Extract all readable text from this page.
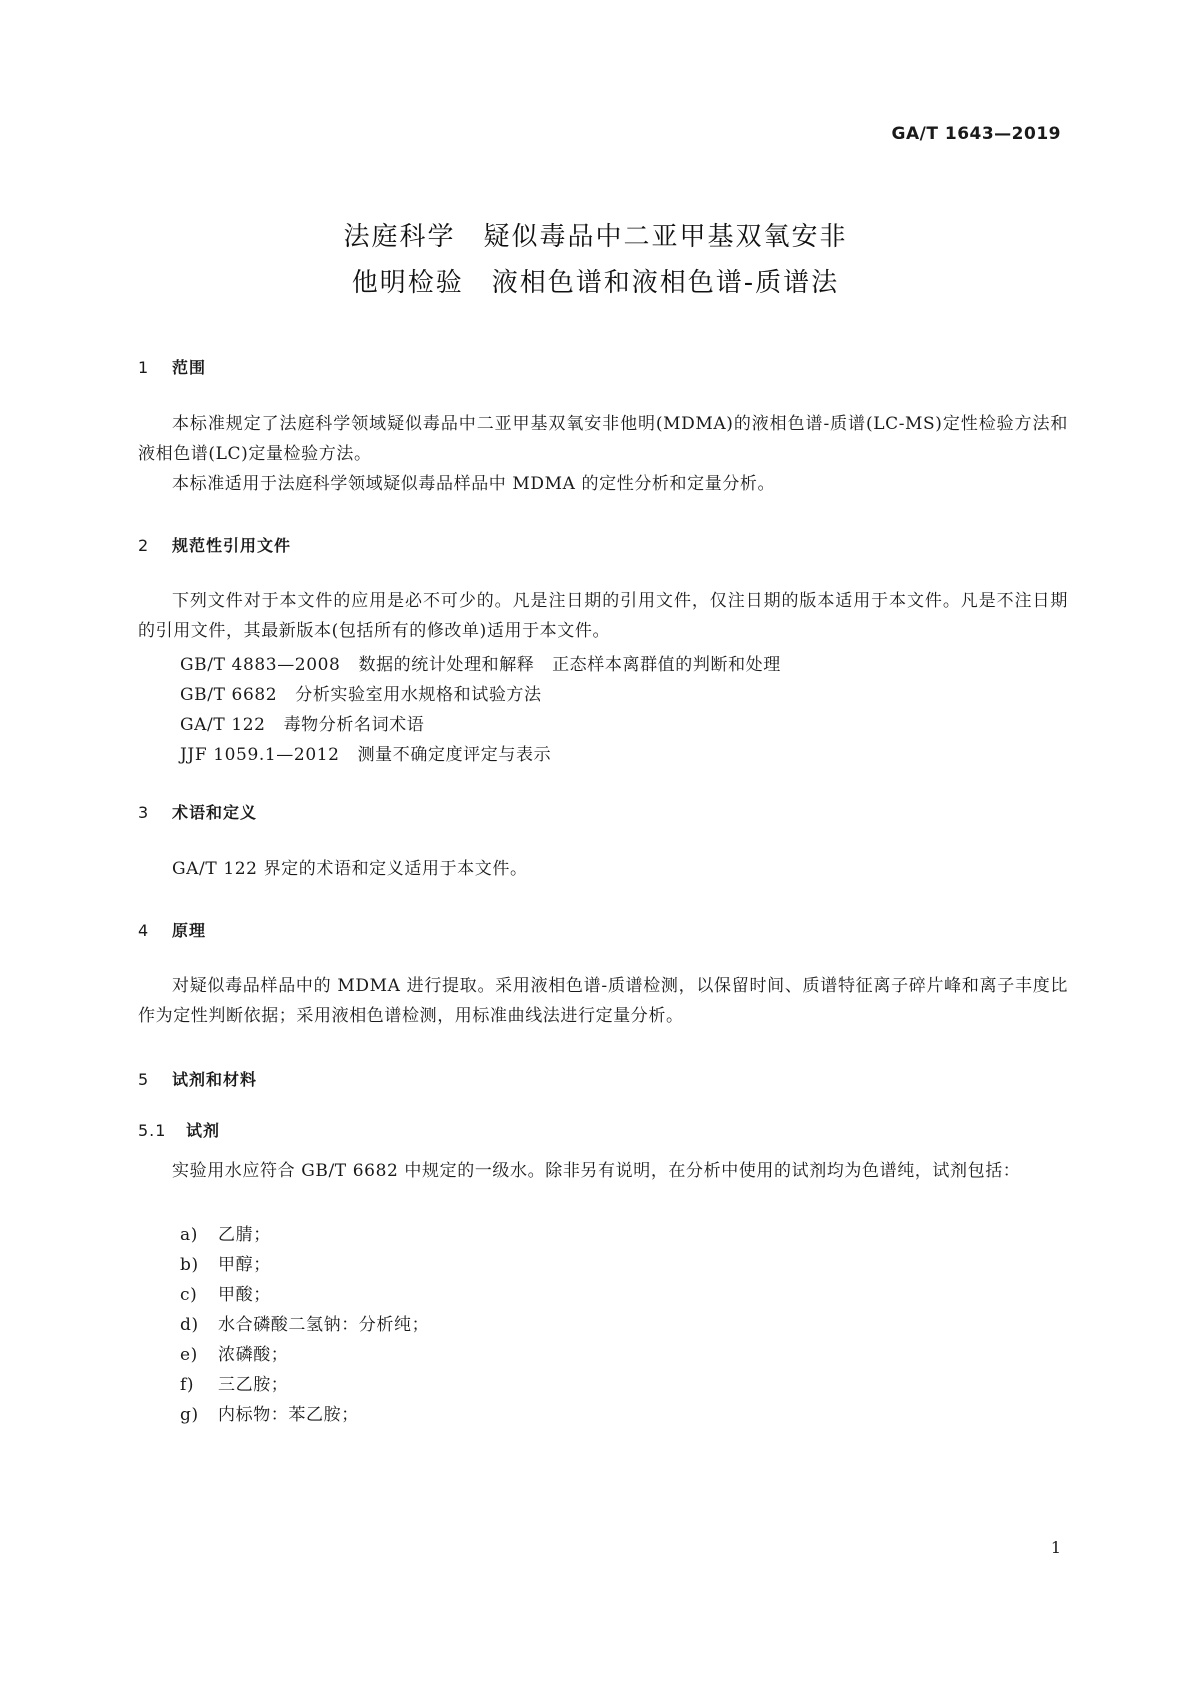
GA/T 1643—2019
法庭科学　疑似毒品中二亚甲基双氧安非
他明检验　液相色谱和液相色谱-质谱法
1 范围
本标准规定了法庭科学领域疑似毒品中二亚甲基双氧安非他明(MDMA)的液相色谱-质谱(LC-MS)定性检验方法和液相色谱(LC)定量检验方法。
本标准适用于法庭科学领域疑似毒品样品中 MDMA 的定性分析和定量分析。
2 规范性引用文件
下列文件对于本文件的应用是必不可少的。凡是注日期的引用文件，仅注日期的版本适用于本文件。凡是不注日期的引用文件，其最新版本(包括所有的修改单)适用于本文件。
GB/T 4883—2008 数据的统计处理和解释　正态样本离群值的判断和处理
GB/T 6682 分析实验室用水规格和试验方法
GA/T 122 毒物分析名词术语
JJF 1059.1—2012 测量不确定度评定与表示
3 术语和定义
GA/T 122 界定的术语和定义适用于本文件。
4 原理
对疑似毒品样品中的 MDMA 进行提取。采用液相色谱-质谱检测，以保留时间、质谱特征离子碎片峰和离子丰度比作为定性判断依据；采用液相色谱检测，用标准曲线法进行定量分析。
5 试剂和材料
5.1 试剂
实验用水应符合 GB/T 6682 中规定的一级水。除非另有说明，在分析中使用的试剂均为色谱纯，试剂包括：
a) 乙腈；
b) 甲醇；
c) 甲酸；
d) 水合磷酸二氢钠：分析纯；
e) 浓磷酸；
f) 三乙胺；
g) 内标物：苯乙胺；
1
